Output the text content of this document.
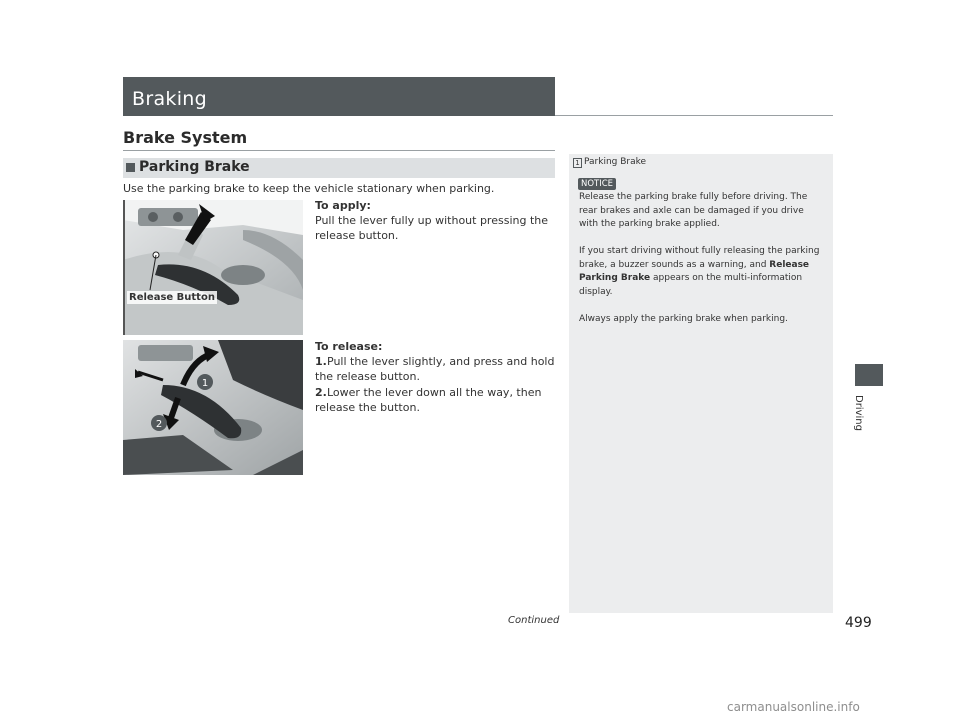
Braking
Brake System
Parking Brake
Use the parking brake to keep the vehicle stationary when parking.
Release Button
To apply:
Pull the lever fully up without pressing the release button.
1
2
To release:
1.Pull the lever slightly, and press and hold the release button.
2.Lower the lever down all the way, then release the button.
1 Parking Brake
NOTICE
Release the parking brake fully before driving. The rear brakes and axle can be damaged if you drive with the parking brake applied.
If you start driving without fully releasing the parking brake, a buzzer sounds as a warning, and Release Parking Brake appears on the multi-information display.
Always apply the parking brake when parking.
Driving
Continued	499
carmanualsonline.info
